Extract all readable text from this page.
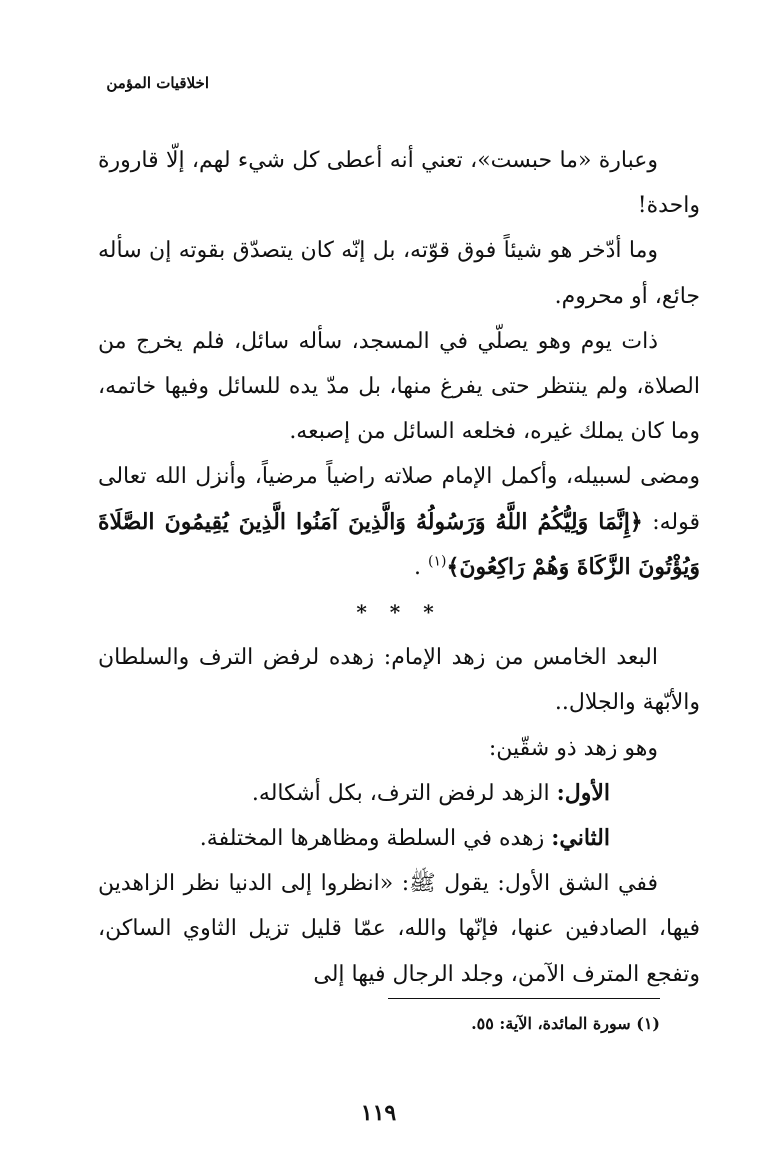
اخلاقيات المؤمن

وعبارة «ما حبست»، تعني أنه أعطى كل شيء لهم، إلّا قارورة واحدة!

وما أدّخر هو شيئاً فوق قوّته، بل إنّه كان يتصدّق بقوته إن سأله جائع، أو محروم.

ذات يوم وهو يصلّي في المسجد، سأله سائل، فلم يخرج من الصلاة، ولم ينتظر حتى يفرغ منها، بل مدّ يده للسائل وفيها خاتمه، وما كان يملك غيره، فخلعه السائل من إصبعه.

ومضى لسبيله، وأكمل الإمام صلاته راضياً مرضياً، وأنزل الله تعالى قوله: ﴿إِنَّمَا وَلِيُّكُمُ اللَّهُ وَرَسُولُهُ وَالَّذِينَ آمَنُوا الَّذِينَ يُقِيمُونَ الصَّلَاةَ وَيُؤْتُونَ الزَّكَاةَ وَهُمْ رَاكِعُونَ﴾$^{(١)}$ .

* * *

البعد الخامس من زهد الإمام: زهده لرفض الترف والسلطان والأبّهة والجلال..

وهو زهد ذو شقّين:

الأول: الزهد لرفض الترف، بكل أشكاله.

الثاني: زهده في السلطة ومظاهرها المختلفة.

ففي الشق الأول: يقول ﷺ: «انظروا إلى الدنيا نظر الزاهدين فيها، الصادفين عنها، فإنّها والله، عمّا قليل تزيل الثاوي الساكن، وتفجع المترف الآمن، وجلد الرجال فيها إلى

(١) سورة المائدة، الآية: ٥٥.
١١٩
